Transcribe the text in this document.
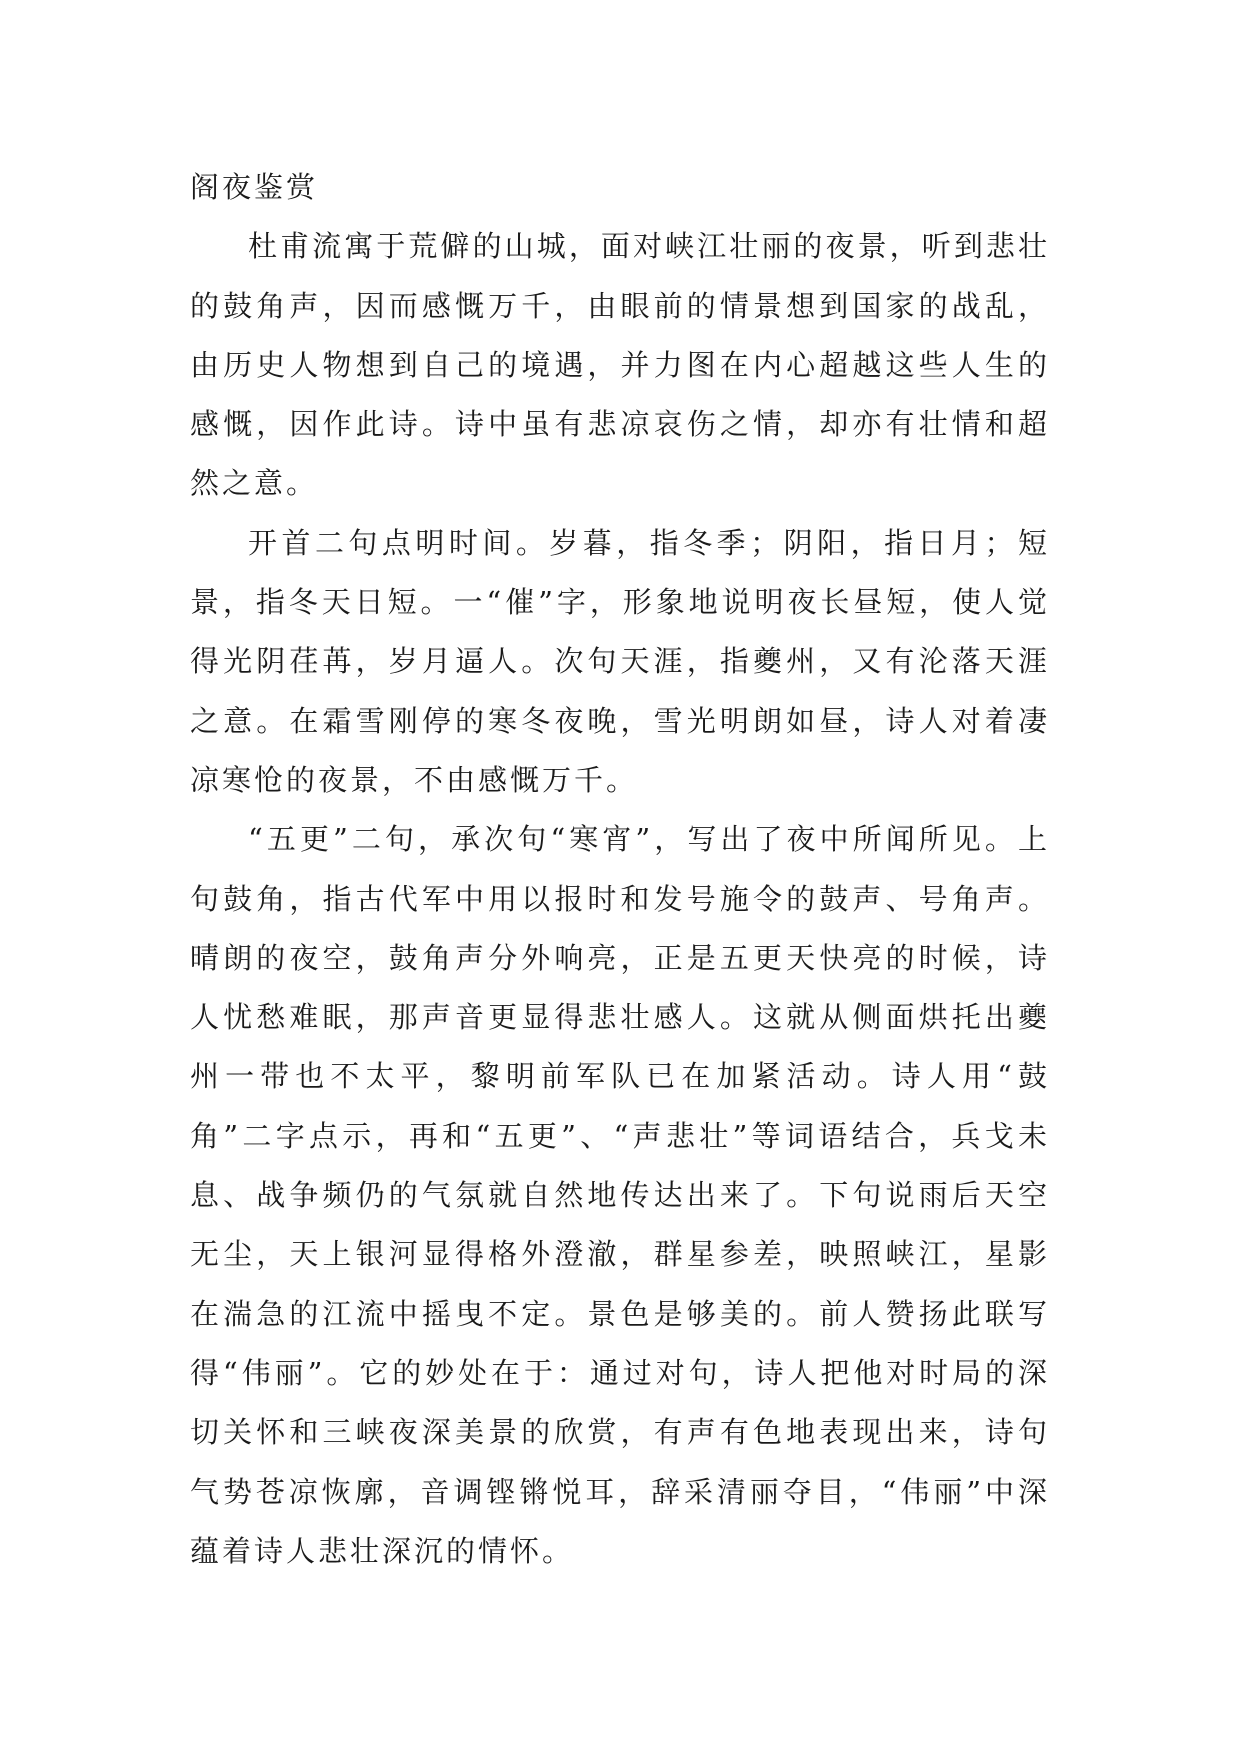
阁夜鉴赏

杜甫流寓于荒僻的山城，面对峡江壮丽的夜景，听到悲壮的鼓角声，因而感慨万千，由眼前的情景想到国家的战乱，由历史人物想到自己的境遇，并力图在内心超越这些人生的感慨，因作此诗。诗中虽有悲凉哀伤之情，却亦有壮情和超然之意。

开首二句点明时间。岁暮，指冬季；阴阳，指日月；短景，指冬天日短。一“催”字，形象地说明夜长昼短，使人觉得光阴荏苒，岁月逼人。次句天涯，指夔州，又有沦落天涯之意。在霜雪刚停的寒冬夜晚，雪光明朗如昼，诗人对着凄凉寒怆的夜景，不由感慨万千。

“五更”二句，承次句“寒宵”，写出了夜中所闻所见。上句鼓角，指古代军中用以报时和发号施令的鼓声、号角声。晴朗的夜空，鼓角声分外响亮，正是五更天快亮的时候，诗人忧愁难眠，那声音更显得悲壮感人。这就从侧面烘托出夔州一带也不太平，黎明前军队已在加紧活动。诗人用“鼓角”二字点示，再和“五更”、“声悲壮”等词语结合，兵戈未息、战争频仍的气氛就自然地传达出来了。下句说雨后天空无尘，天上银河显得格外澄澈，群星参差，映照峡江，星影在湍急的江流中摇曳不定。景色是够美的。前人赞扬此联写得“伟丽”。它的妙处在于：通过对句，诗人把他对时局的深切关怀和三峡夜深美景的欣赏，有声有色地表现出来，诗句气势苍凉恢廓，音调铿锵悦耳，辞采清丽夺目，“伟丽”中深蕴着诗人悲壮深沉的情怀。
